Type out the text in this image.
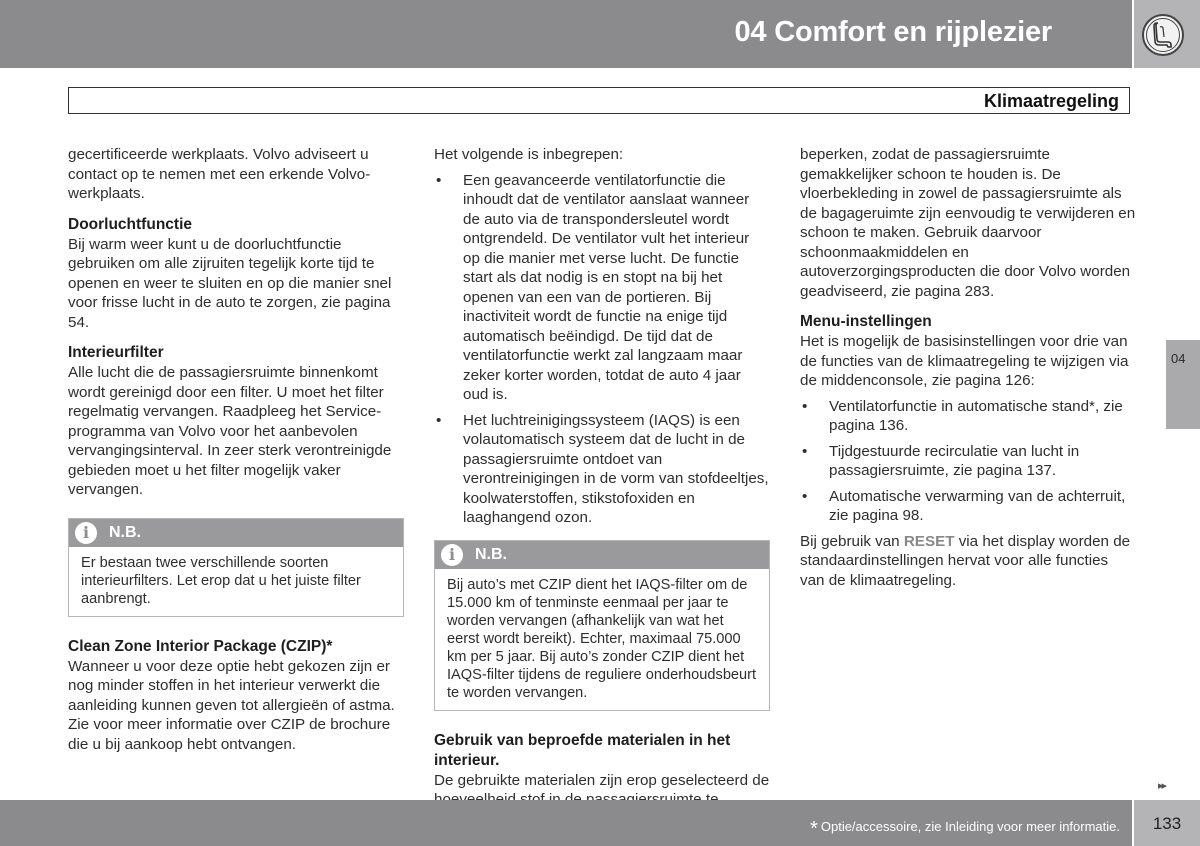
04 Comfort en rijplezier
Klimaatregeling

gecertificeerde werkplaats. Volvo adviseert u contact op te nemen met een erkende Volvo-werkplaats.

Doorluchtfunctie

Bij warm weer kunt u de doorluchtfunctie gebruiken om alle zijruiten tegelijk korte tijd te openen en weer te sluiten en op die manier snel voor frisse lucht in de auto te zorgen, zie pagina 54.

Interieurfilter

Alle lucht die de passagiersruimte binnenkomt wordt gereinigd door een filter. U moet het filter regelmatig vervangen. Raadpleeg het Service-programma van Volvo voor het aanbevolen vervangingsinterval. In zeer sterk verontreinigde gebieden moet u het filter mogelijk vaker vervangen.

i	N.B.
Er bestaan twee verschillende soorten interieurfilters. Let erop dat u het juiste filter aanbrengt.
Clean Zone Interior Package (CZIP)*

Wanneer u voor deze optie hebt gekozen zijn er nog minder stoffen in het interieur verwerkt die aanleiding kunnen geven tot allergieën of astma. Zie voor meer informatie over CZIP de brochure die u bij aankoop hebt ontvangen.

Het volgende is inbegrepen:

• Een geavanceerde ventilatorfunctie die inhoudt dat de ventilator aanslaat wanneer de auto via de transpondersleutel wordt ontgrendeld. De ventilator vult het interieur op die manier met verse lucht. De functie start als dat nodig is en stopt na bij het openen van een van de portieren. Bij inactiviteit wordt de functie na enige tijd automatisch beëindigd. De tijd dat de ventilatorfunctie werkt zal langzaam maar zeker korter worden, totdat de auto 4 jaar oud is.
• Het luchtreinigingssysteem (IAQS) is een volautomatisch systeem dat de lucht in de passagiersruimte ontdoet van verontreinigingen in de vorm van stofdeeltjes, koolwaterstoffen, stikstofoxiden en laaghangend ozon.
i	N.B.
Bij auto’s met CZIP dient het IAQS-filter om de 15.000 km of tenminste eenmaal per jaar te worden vervangen (afhankelijk van wat het eerst wordt bereikt). Echter, maximaal 75.000 km per 5 jaar. Bij auto’s zonder CZIP dient het IAQS-filter tijdens de reguliere onderhoudsbeurt te worden vervangen.
Gebruik van beproefde materialen in het interieur.

De gebruikte materialen zijn erop geselecteerd de

beperken, zodat de passagiersruimte gemakkelijker schoon te houden is. De vloerbekleding in zowel de passagiersruimte als de bagageruimte zijn eenvoudig te verwijderen en schoon te maken. Gebruik daarvoor schoonmaakmiddelen en autoverzorgingsproducten die door Volvo worden geadviseerd, zie pagina 283.

Menu-instellingen

Het is mogelijk de basisinstellingen voor drie van de functies van de klimaatregeling te wijzigen via de middenconsole, zie pagina 126:

• Ventilatorfunctie in automatische stand*, zie pagina 136.
• Tijdgestuurde recirculatie van lucht in passagiersruimte, zie pagina 137.
• Automatische verwarming van de achterruit, zie pagina 98.

Bij gebruik van RESET via het display worden de standaardinstellingen hervat voor alle functies van de klimaatregeling.

04
▸▸
* Optie/accessoire, zie Inleiding voor meer informatie.	133
